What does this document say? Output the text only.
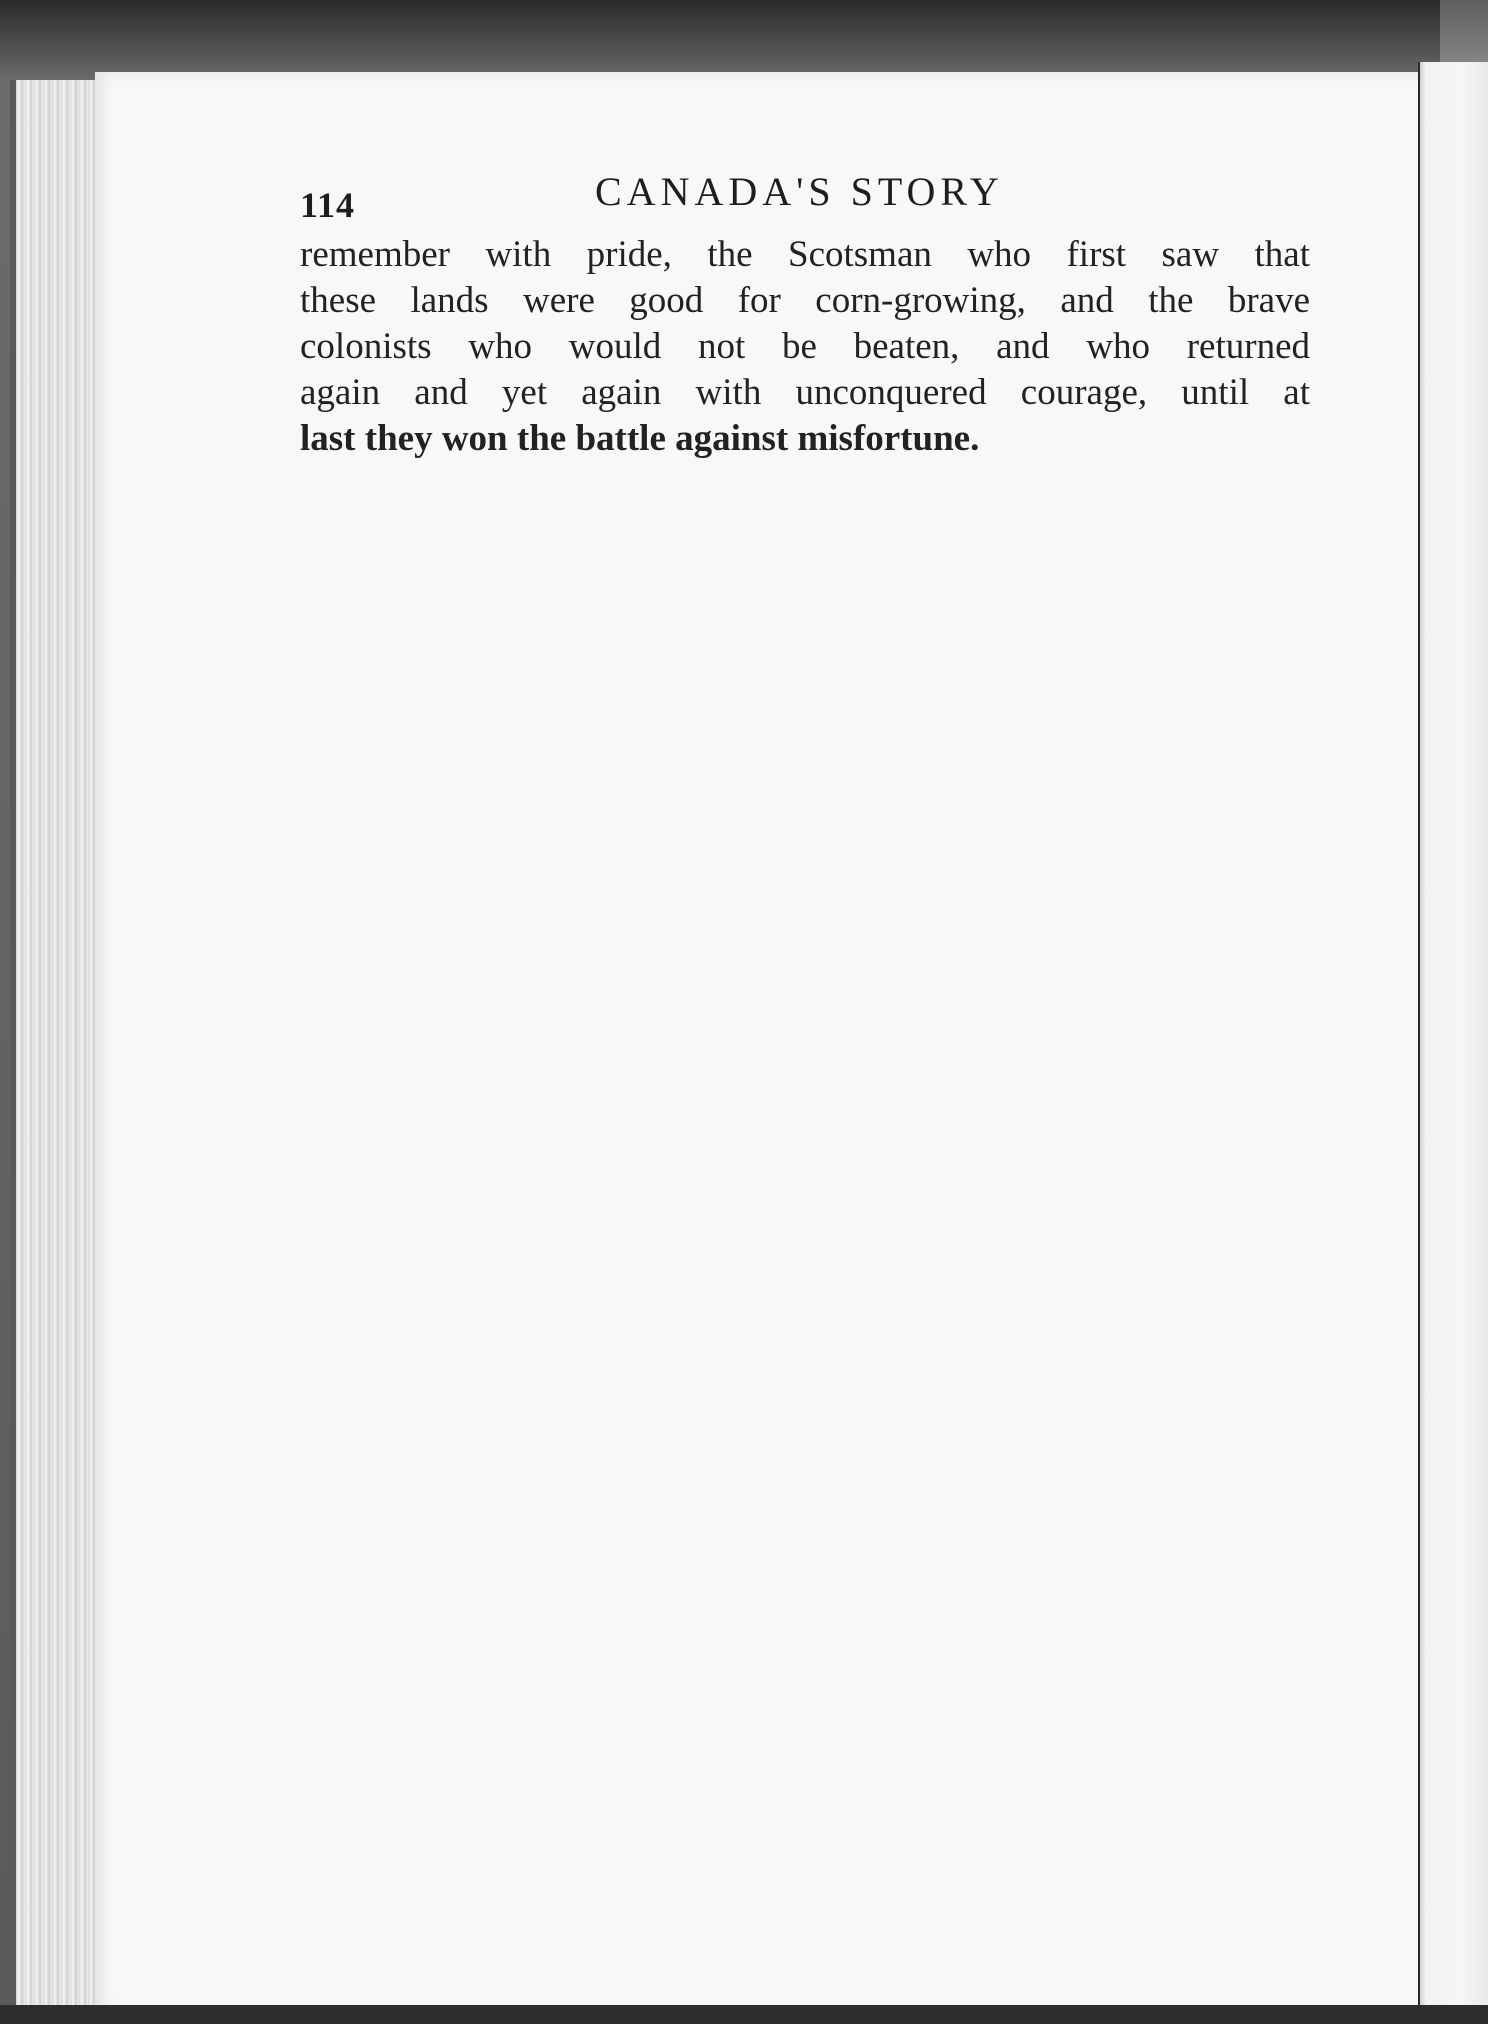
114	CANADA'S STORY
remember with pride, the Scotsman who first saw that
these lands were good for corn-growing, and the brave
colonists who would not be beaten, and who returned
again and yet again with unconquered courage, until at
last they won the battle against misfortune.
